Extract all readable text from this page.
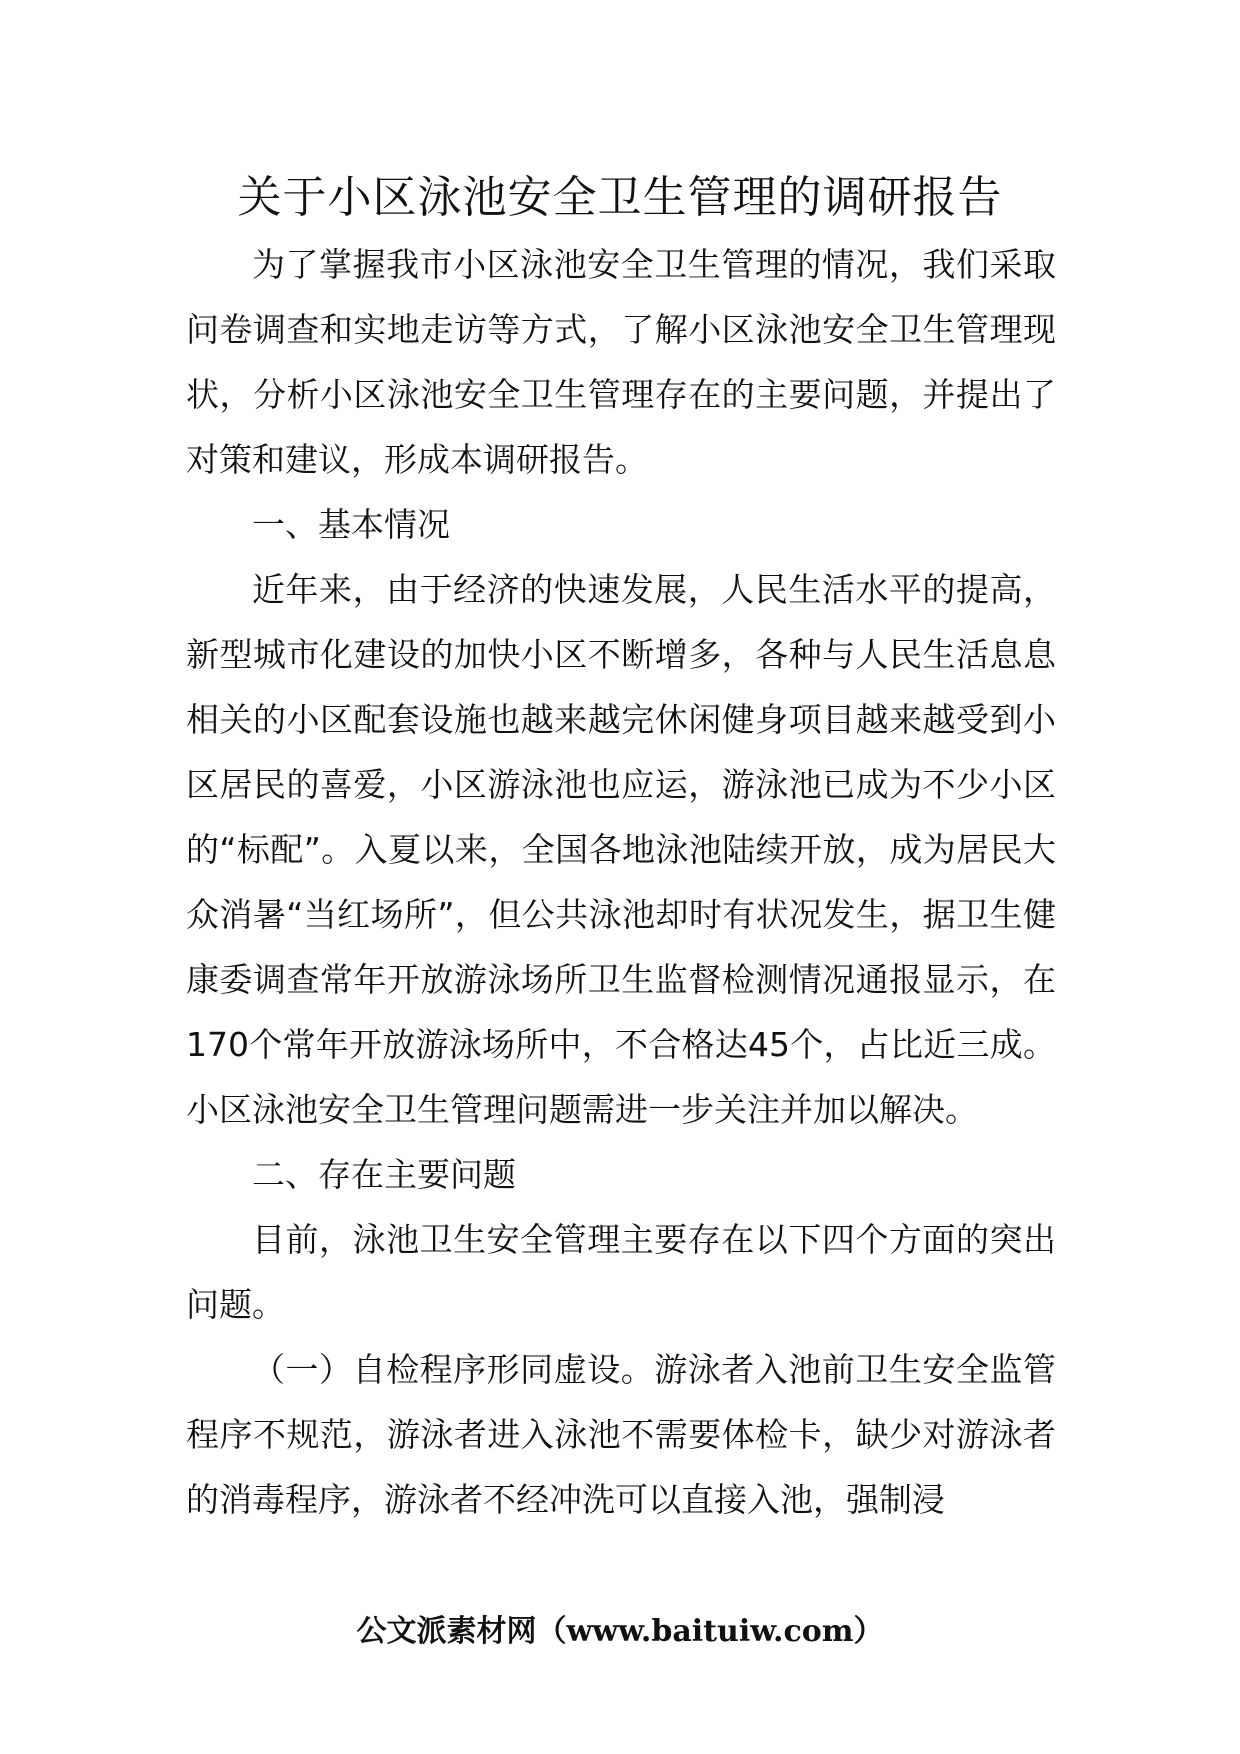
关于小区泳池安全卫生管理的调研报告

为了掌握我市小区泳池安全卫生管理的情况，我们采取问卷调查和实地走访等方式，了解小区泳池安全卫生管理现状，分析小区泳池安全卫生管理存在的主要问题，并提出了对策和建议，形成本调研报告。

一、基本情况

近年来，由于经济的快速发展，人民生活水平的提高，新型城市化建设的加快小区不断增多，各种与人民生活息息相关的小区配套设施也越来越完休闲健身项目越来越受到小区居民的喜爱，小区游泳池也应运，游泳池已成为不少小区的“标配”。入夏以来，全国各地泳池陆续开放，成为居民大众消暑“当红场所”，但公共泳池却时有状况发生，据卫生健康委调查常年开放游泳场所卫生监督检测情况通报显示，在170个常年开放游泳场所中，不合格达45个，占比近三成。小区泳池安全卫生管理问题需进一步关注并加以解决。

二、存在主要问题

目前，泳池卫生安全管理主要存在以下四个方面的突出问题。

（一）自检程序形同虚设。游泳者入池前卫生安全监管程序不规范，游泳者进入泳池不需要体检卡，缺少对游泳者的消毒程序，游泳者不经冲洗可以直接入池，强制浸

公文派素材网（www.baituiw.com）
